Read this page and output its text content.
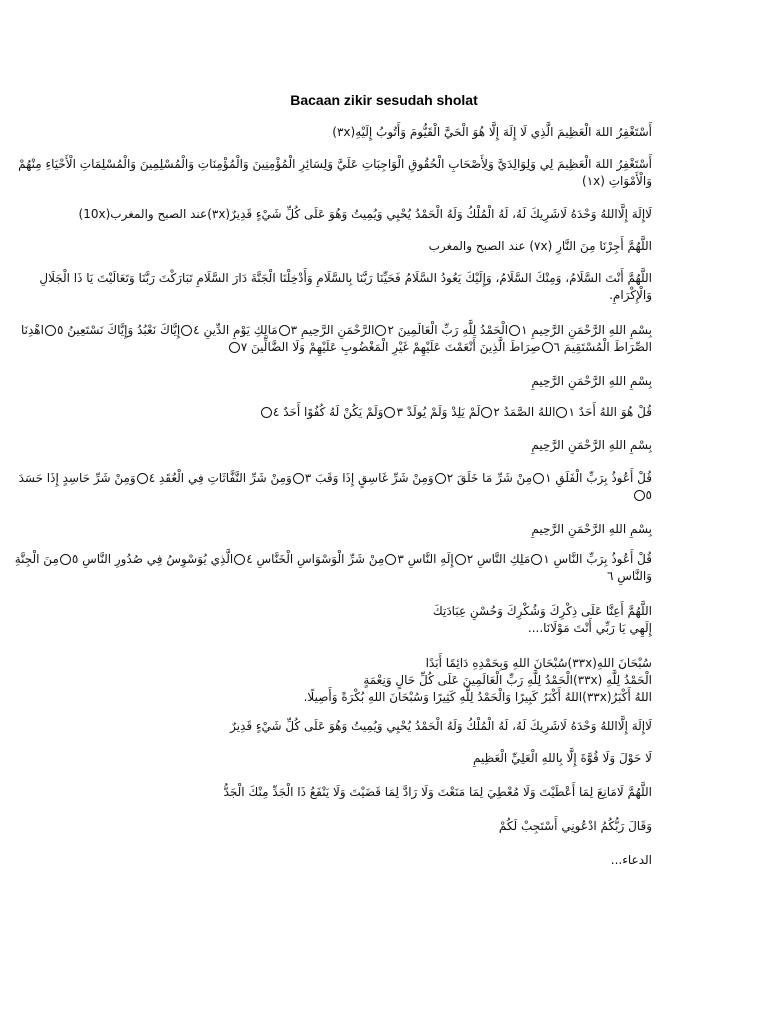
Bacaan zikir sesudah sholat
أَسْتَغْفِرُ اللهَ الْعَظِيمَ الَّذِي لَا إِلَهَ إِلَّا هُوَ الْحَيَّ الْقَيُّومَ وَأَتُوبُ إِلَيْهِ(٣x)
أَسْتَغْفِرُ اللهَ الْعَظِيمَ لِي وَلِوَالِدَيَّ وَلِأَصْحَابِ الْحُقُوقِ الْوَاجِبَاتِ عَلَيَّ وَلِسَائِرِ الْمُؤْمِنِينَ وَالْمُؤْمِنَاتِ وَالْمُسْلِمِينَ وَالْمُسْلِمَاتِ الْأَحْيَاءِ مِنْهُمْ
وَالْأَمْوَاتِ (١x)
لَاإِلَهَ إِلَّااللهُ وَحْدَهُ لَاشَرِيكَ لَهُ، لَهُ الْمُلْكُ وَلَهُ الْحَمْدُ يُحْيِي وَيُمِيتُ وَهُوَ عَلَى كُلِّ شَيْءٍ قَدِيرٌ(٣x)عند الصبح والمغرب(10x)
اللَّهُمَّ أَجِرْنَا مِنَ النَّارِ (٧x) عند الصبح والمغرب
اللَّهُمَّ أَنْتَ السَّلَامُ، وَمِنْكَ السَّلَامُ، وَإِلَيْكَ يَعُودُ السَّلَامُ فَحَيِّنَا رَبَّنَا بِالسَّلَامِ وَأَدْخِلْنَا الْجَنَّةَ دَارَ السَّلَامِ تَبَارَكْتَ رَبَّنَا وَتَعَالَيْتَ يَا ذَا الْجَلَالِ
وَالْإِكْرَامِ.
بِسْمِ اللهِ الرَّحْمَنِ الرَّحِيمِ ١الْحَمْدُ لِلَّهِ رَبِّ الْعَالَمِينَ ٢الرَّحْمَنِ الرَّحِيمِ ٣مَالِكِ يَوْمِ الدِّينِ ٤إِيَّاكَ نَعْبُدُ وَإِيَّاكَ نَسْتَعِينُ ٥اهْدِنَا
الصِّرَاطَ الْمُسْتَقِيمَ ٦صِرَاطَ الَّذِينَ أَنْعَمْتَ عَلَيْهِمْ غَيْرِ الْمَغْضُوبِ عَلَيْهِمْ وَلَا الضَّالِّينَ ٧
بِسْمِ اللهِ الرَّحْمَنِ الرَّحِيمِ
قُلْ هُوَ اللهُ أَحَدٌ ١اللهُ الصَّمَدُ ٢لَمْ يَلِدْ وَلَمْ يُولَدْ ٣وَلَمْ يَكُنْ لَهُ كُفُوًا أَحَدٌ ٤
بِسْمِ اللهِ الرَّحْمَنِ الرَّحِيمِ
قُلْ أَعُوذُ بِرَبِّ الْفَلَقِ ١مِنْ شَرِّ مَا خَلَقَ ٢وَمِنْ شَرِّ غَاسِقٍ إِذَا وَقَبَ ٣وَمِنْ شَرِّ النَّفَّاثَاتِ فِي الْعُقَدِ ٤وَمِنْ شَرِّ حَاسِدٍ إِذَا حَسَدَ
٥
بِسْمِ اللهِ الرَّحْمَنِ الرَّحِيمِ
قُلْ أَعُوذُ بِرَبِّ النَّاسِ ١مَلِكِ النَّاسِ ٢إِلَهِ النَّاسِ ٣مِنْ شَرِّ الْوَسْوَاسِ الْخَنَّاسِ ٤الَّذِي يُوَسْوِسُ فِي صُدُورِ النَّاسِ ٥مِنَ الْجِنَّةِ
وَالنَّاسِ ٦
اللَّهُمَّ أَعِنَّا عَلَى ذِكْرِكَ وَشُكْرِكَ وَحُسْنِ عِبَادَتِكَ
إِلَهِي يَا رَبِّي أَنْتَ مَوْلَانَا....
سُبْحَانَ اللهِ(٣٣x)سُبْحَانَ اللهِ وَبِحَمْدِهِ دَائِمًا أَبَدًا
الْحَمْدُ لِلَّهِ (٣٣x)الْحَمْدُ لِلَّهِ رَبِّ الْعَالَمِينَ عَلَى كُلِّ حَالٍ وَنِعْمَةٍ
اللهُ أَكْبَرُ(٣٣x)اللهُ أَكْبَرُ كَبِيرًا وَالْحَمْدُ لِلَّهِ كَثِيرًا وَسُبْحَانَ اللهِ بُكْرَةً وَأَصِيلًا.
لَاإِلَهَ إِلَّااللهُ وَحْدَهُ لَاشَرِيكَ لَهُ، لَهُ الْمُلْكُ وَلَهُ الْحَمْدُ يُحْيِي وَيُمِيتُ وَهُوَ عَلَى كُلِّ شَيْءٍ قَدِيرٌ
لَا حَوْلَ وَلَا قُوَّةَ إِلَّا بِاللهِ الْعَلِيِّ الْعَظِيمِ
اللَّهُمَّ لَامَانِعَ لِمَا أَعْطَيْتَ وَلَا مُعْطِيَ لِمَا مَنَعْتَ وَلَا رَادَّ لِمَا قَضَيْتَ وَلَا يَنْفَعُ ذَا الْجَدِّ مِنْكَ الْجَدُّ
وَقَالَ رَبُّكُمُ ادْعُونِي أَسْتَجِبْ لَكُمْ
الدعاء...
